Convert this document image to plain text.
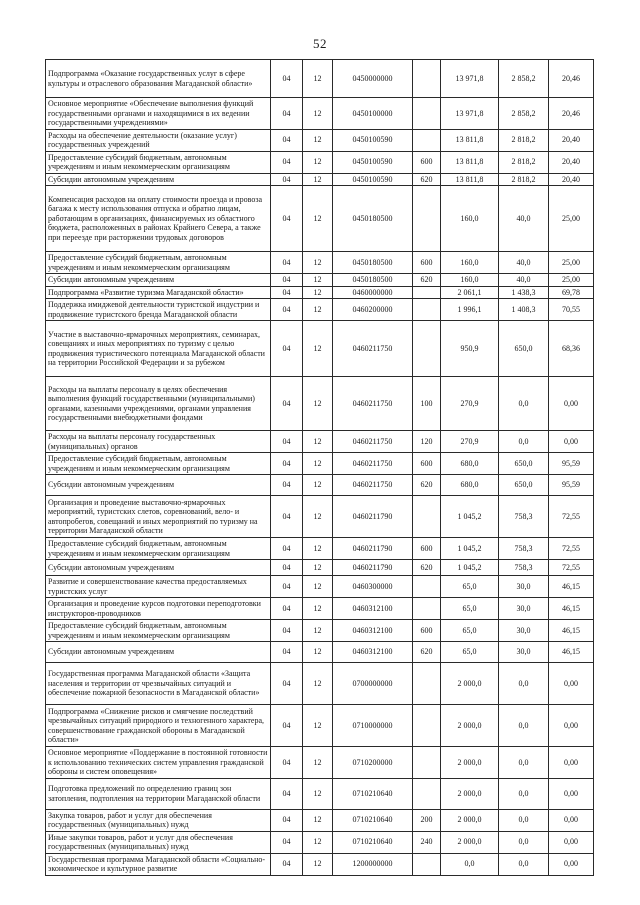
52
Подпрограмма «Оказание государственных услуг в сфере культуры и отраслевого образования Магаданской области»	04	12	0450000000		13 971,8	2 858,2	20,46
Основное мероприятие «Обеспечение выполнения функций государственными органами и находящимися в их ведении государственными учреждениями»	04	12	0450100000		13 971,8	2 858,2	20,46
Расходы на обеспечение деятельности (оказание услуг) государственных учреждений	04	12	0450100590		13 811,8	2 818,2	20,40
Предоставление субсидий бюджетным, автономным учреждениям и иным некоммерческим организациям	04	12	0450100590	600	13 811,8	2 818,2	20,40
Субсидии автономным учреждениям	04	12	0450100590	620	13 811,8	2 818,2	20,40
Компенсация расходов на оплату стоимости проезда и провоза багажа к месту использования отпуска и обратно лицам, работающим в организациях, финансируемых из областного бюджета, расположенных в районах Крайнего Севера, а также при переезде при расторжении трудовых договоров	04	12	0450180500		160,0	40,0	25,00
Предоставление субсидий бюджетным, автономным учреждениям и иным некоммерческим организациям	04	12	0450180500	600	160,0	40,0	25,00
Субсидии автономным учреждениям	04	12	0450180500	620	160,0	40,0	25,00
Подпрограмма «Развитие туризма Магаданской области»	04	12	0460000000		2 061,1	1 438,3	69,78
Поддержка имиджевой деятельности туристской индустрии и продвижение туристского бренда Магаданской области	04	12	0460200000		1 996,1	1 408,3	70,55
Участие в выставочно-ярмарочных мероприятиях, семинарах, совещаниях и иных мероприятиях по туризму с целью продвижения туристического потенциала Магаданской области на территории Российской Федерации и за рубежом	04	12	0460211750		950,9	650,0	68,36
Расходы на выплаты персоналу в целях обеспечения выполнения функций государственными (муниципальными) органами, казенными учреждениями, органами управления государственными внебюджетными фондами	04	12	0460211750	100	270,9	0,0	0,00
Расходы на выплаты персоналу государственных (муниципальных) органов	04	12	0460211750	120	270,9	0,0	0,00
Предоставление субсидий бюджетным, автономным учреждениям и иным некоммерческим организациям	04	12	0460211750	600	680,0	650,0	95,59
Субсидии автономным учреждениям	04	12	0460211750	620	680,0	650,0	95,59
Организация и проведение выставочно-ярмарочных мероприятий, туристских слетов, соревнований, вело- и автопробегов, совещаний и иных мероприятий по туризму на территории Магаданской области	04	12	0460211790		1 045,2	758,3	72,55
Предоставление субсидий бюджетным, автономным учреждениям и иным некоммерческим организациям	04	12	0460211790	600	1 045,2	758,3	72,55
Субсидии автономным учреждениям	04	12	0460211790	620	1 045,2	758,3	72,55
Развитие и совершенствование качества предоставляемых туристских услуг	04	12	0460300000		65,0	30,0	46,15
Организация и проведение курсов подготовки переподготовки инструкторов-проводников	04	12	0460312100		65,0	30,0	46,15
Предоставление субсидий бюджетным, автономным учреждениям и иным некоммерческим организациям	04	12	0460312100	600	65,0	30,0	46,15
Субсидии автономным учреждениям	04	12	0460312100	620	65,0	30,0	46,15
Государственная программа Магаданской области «Защита населения и территории от чрезвычайных ситуаций и обеспечение пожарной безопасности в Магаданской области»	04	12	0700000000		2 000,0	0,0	0,00
Подпрограмма «Снижение рисков и смягчение последствий чрезвычайных ситуаций природного и техногенного характера, совершенствование гражданской обороны в Магаданской области»	04	12	0710000000		2 000,0	0,0	0,00
Основное мероприятие «Поддержание в постоянной готовности к использованию технических систем управления гражданской обороны и систем оповещения»	04	12	0710200000		2 000,0	0,0	0,00
Подготовка предложений по определению границ зон затопления, подтопления на территории Магаданской области	04	12	0710210640		2 000,0	0,0	0,00
Закупка товаров, работ и услуг для обеспечения государственных (муниципальных) нужд	04	12	0710210640	200	2 000,0	0,0	0,00
Иные закупки товаров, работ и услуг для обеспечения государственных (муниципальных) нужд	04	12	0710210640	240	2 000,0	0,0	0,00
Государственная программа Магаданской области «Социально-экономическое и культурное развитие	04	12	1200000000		0,0	0,0	0,00
